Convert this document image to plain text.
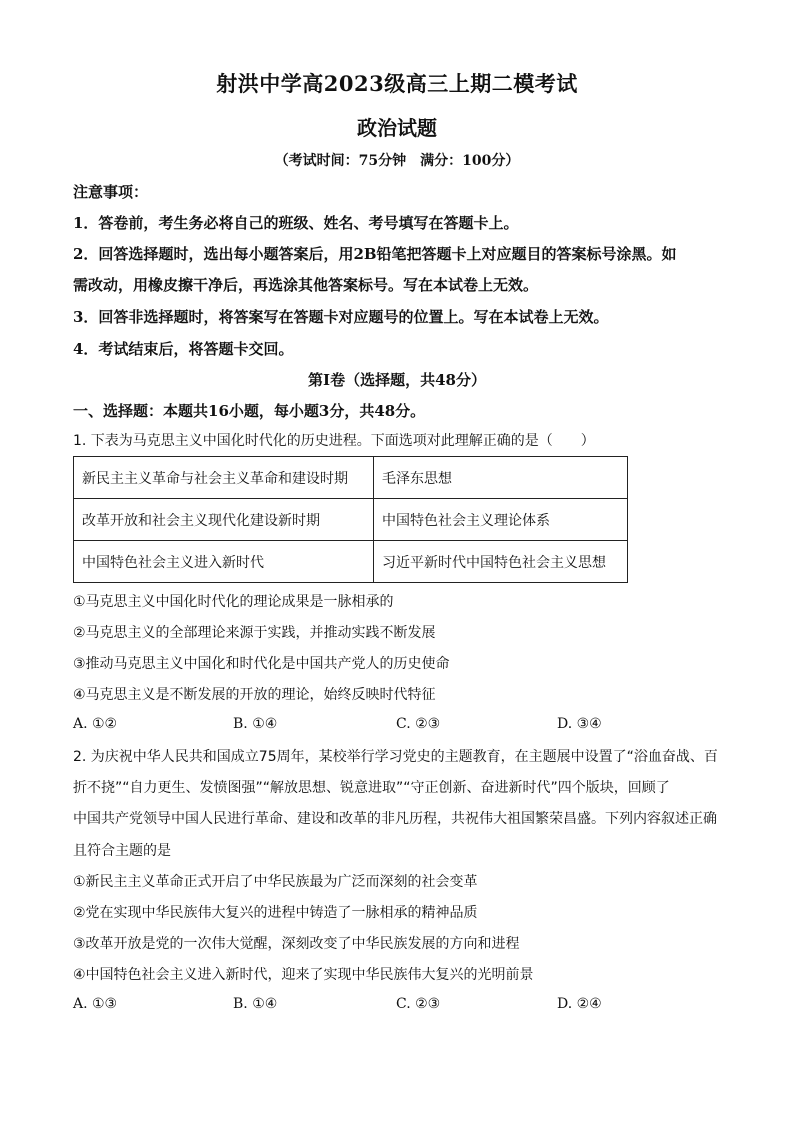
射洪中学高2023级高三上期二模考试
政治试题
（考试时间：75分钟　满分：100分）
注意事项：
1．答卷前，考生务必将自己的班级、姓名、考号填写在答题卡上。
2．回答选择题时，选出每小题答案后，用2B铅笔把答题卡上对应题目的答案标号涂黑。如
需改动，用橡皮擦干净后，再选涂其他答案标号。写在本试卷上无效。
3．回答非选择题时，将答案写在答题卡对应题号的位置上。写在本试卷上无效。
4．考试结束后，将答题卡交回。
第Ⅰ卷（选择题，共48分）
一、选择题：本题共16小题，每小题3分，共48分。
1. 下表为马克思主义中国化时代化的历史进程。下面选项对此理解正确的是（　　）
新民主主义革命与社会主义革命和建设时期	毛泽东思想
改革开放和社会主义现代化建设新时期	中国特色社会主义理论体系
中国特色社会主义进入新时代	习近平新时代中国特色社会主义思想
①马克思主义中国化时代化的理论成果是一脉相承的
②马克思主义的全部理论来源于实践，并推动实践不断发展
③推动马克思主义中国化和时代化是中国共产党人的历史使命
④马克思主义是不断发展的开放的理论，始终反映时代特征
A. ①②	B. ①④	C. ②③	D. ③④
2. 为庆祝中华人民共和国成立75周年，某校举行学习党史的主题教育，在主题展中设置了“浴血奋战、百
折不挠”“自力更生、发愤图强”“解放思想、锐意进取”“守正创新、奋进新时代”四个版块，回顾了
中国共产党领导中国人民进行革命、建设和改革的非凡历程，共祝伟大祖国繁荣昌盛。下列内容叙述正确
且符合主题的是
①新民主主义革命正式开启了中华民族最为广泛而深刻的社会变革
②党在实现中华民族伟大复兴的进程中铸造了一脉相承的精神品质
③改革开放是党的一次伟大觉醒，深刻改变了中华民族发展的方向和进程
④中国特色社会主义进入新时代，迎来了实现中华民族伟大复兴的光明前景
A. ①③	B. ①④	C. ②③	D. ②④
